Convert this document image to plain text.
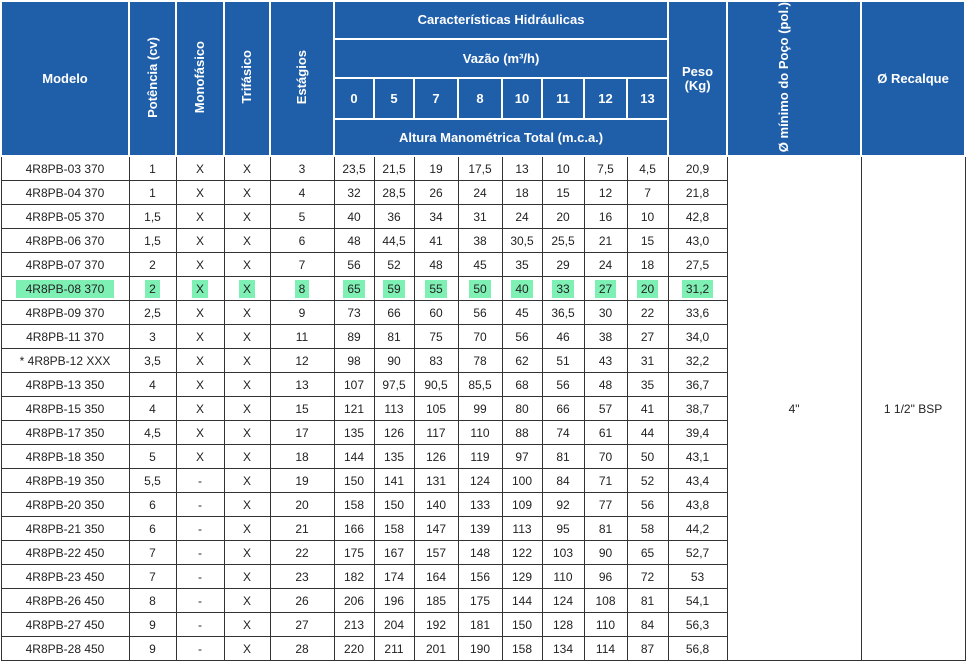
Modelo	Potência (cv)	Monofásico	Trifásico	Estágios	Características Hidráulicas								Peso (Kg)	Ø mínimo do Poço (pol.)	Ø Recalque
					Vazão (m³/h)										
					0	5	7	8	10	11	12	13			
					Altura Manométrica Total (m.c.a.)										
4R8PB-03 370	1	X	X	3	23,5	21,5	19	17,5	13	10	7,5	4,5	20,9	4"	1 1/2" BSP
4R8PB-04 370	1	X	X	4	32	28,5	26	24	18	15	12	7	21,8		
4R8PB-05 370	1,5	X	X	5	40	36	34	31	24	20	16	10	42,8		
4R8PB-06 370	1,5	X	X	6	48	44,5	41	38	30,5	25,5	21	15	43,0		
4R8PB-07 370	2	X	X	7	56	52	48	45	35	29	24	18	27,5		
4R8PB-08 370	2	X	X	8	65	59	55	50	40	33	27	20	31,2		
4R8PB-09 370	2,5	X	X	9	73	66	60	56	45	36,5	30	22	33,6		
4R8PB-11 370	3	X	X	11	89	81	75	70	56	46	38	27	34,0		
* 4R8PB-12 XXX	3,5	X	X	12	98	90	83	78	62	51	43	31	32,2		
4R8PB-13 350	4	X	X	13	107	97,5	90,5	85,5	68	56	48	35	36,7		
4R8PB-15 350	4	X	X	15	121	113	105	99	80	66	57	41	38,7		
4R8PB-17 350	4,5	X	X	17	135	126	117	110	88	74	61	44	39,4		
4R8PB-18 350	5	X	X	18	144	135	126	119	97	81	70	50	43,1		
4R8PB-19 350	5,5	-	X	19	150	141	131	124	100	84	71	52	43,4		
4R8PB-20 350	6	-	X	20	158	150	140	133	109	92	77	56	43,8		
4R8PB-21 350	6	-	X	21	166	158	147	139	113	95	81	58	44,2		
4R8PB-22 450	7	-	X	22	175	167	157	148	122	103	90	65	52,7		
4R8PB-23 450	7	-	X	23	182	174	164	156	129	110	96	72	53		
4R8PB-26 450	8	-	X	26	206	196	185	175	144	124	108	81	54,1		
4R8PB-27 450	9	-	X	27	213	204	192	181	150	128	110	84	56,3		
4R8PB-28 450	9	-	X	28	220	211	201	190	158	134	114	87	56,8		
